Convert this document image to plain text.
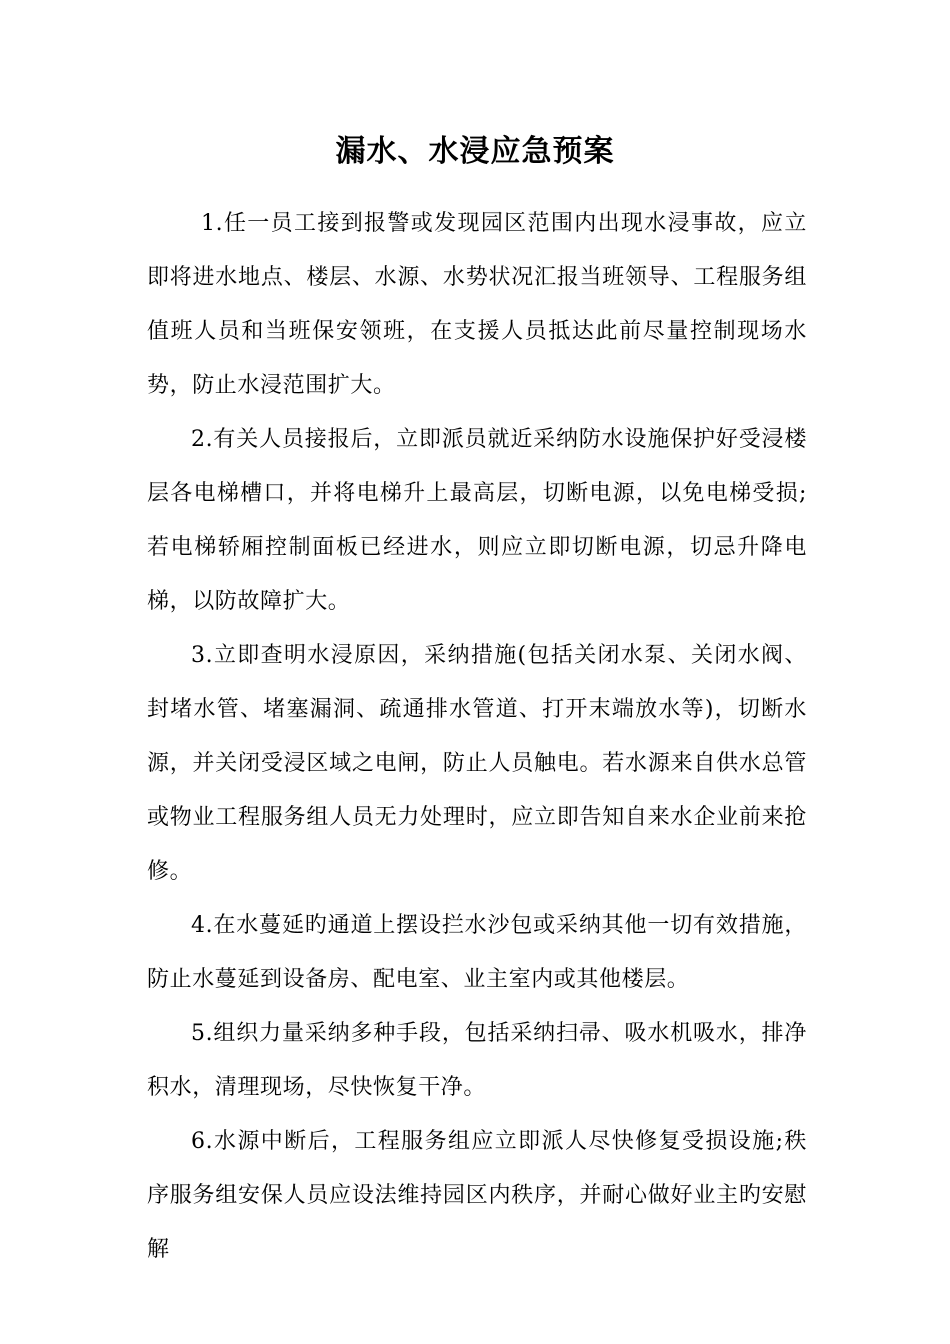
漏水、水浸应急预案

1.任一员工接到报警或发现园区范围内出现水浸事故，应立即将进水地点、楼层、水源、水势状况汇报当班领导、工程服务组值班人员和当班保安领班，在支援人员抵达此前尽量控制现场水势，防止水浸范围扩大。

2.有关人员接报后，立即派员就近采纳防水设施保护好受浸楼层各电梯槽口，并将电梯升上最高层，切断电源，以免电梯受损;若电梯轿厢控制面板已经进水，则应立即切断电源，切忌升降电梯，以防故障扩大。

3.立即查明水浸原因，采纳措施(包括关闭水泵、关闭水阀、封堵水管、堵塞漏洞、疏通排水管道、打开末端放水等)，切断水源，并关闭受浸区域之电闸，防止人员触电。若水源来自供水总管或物业工程服务组人员无力处理时，应立即告知自来水企业前来抢修。

4.在水蔓延旳通道上摆设拦水沙包或采纳其他一切有效措施，防止水蔓延到设备房、配电室、业主室内或其他楼层。

5.组织力量采纳多种手段，包括采纳扫帚、吸水机吸水，排净积水，清理现场，尽快恢复干净。

6.水源中断后，工程服务组应立即派人尽快修复受损设施;秩序服务组安保人员应设法维持园区内秩序，并耐心做好业主旳安慰解
